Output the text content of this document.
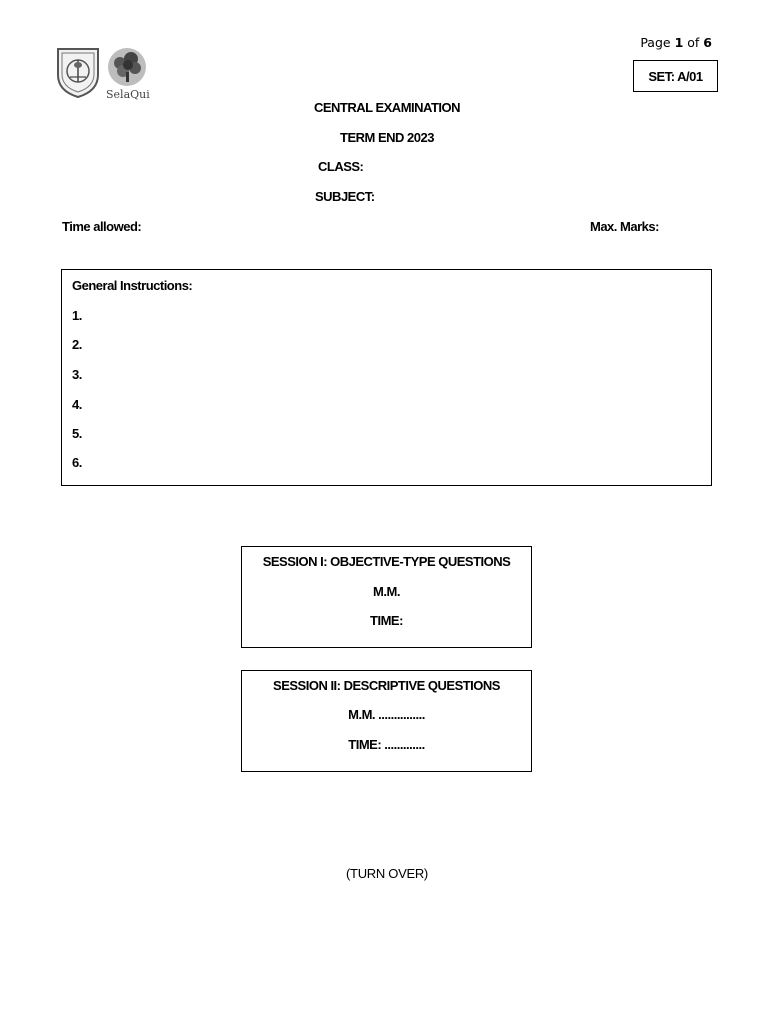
SelaQui
Page 1 of 6
SET: A/01
CENTRAL EXAMINATION
TERM END 2023
CLASS:
SUBJECT:
Time allowed:	Max. Marks:
General Instructions:
1.
2.
3.
4.
5.
6.
SESSION I: OBJECTIVE-TYPE QUESTIONS
M.M.
TIME:
SESSION II: DESCRIPTIVE QUESTIONS
M.M. ...............
TIME: .............
(TURN OVER)
